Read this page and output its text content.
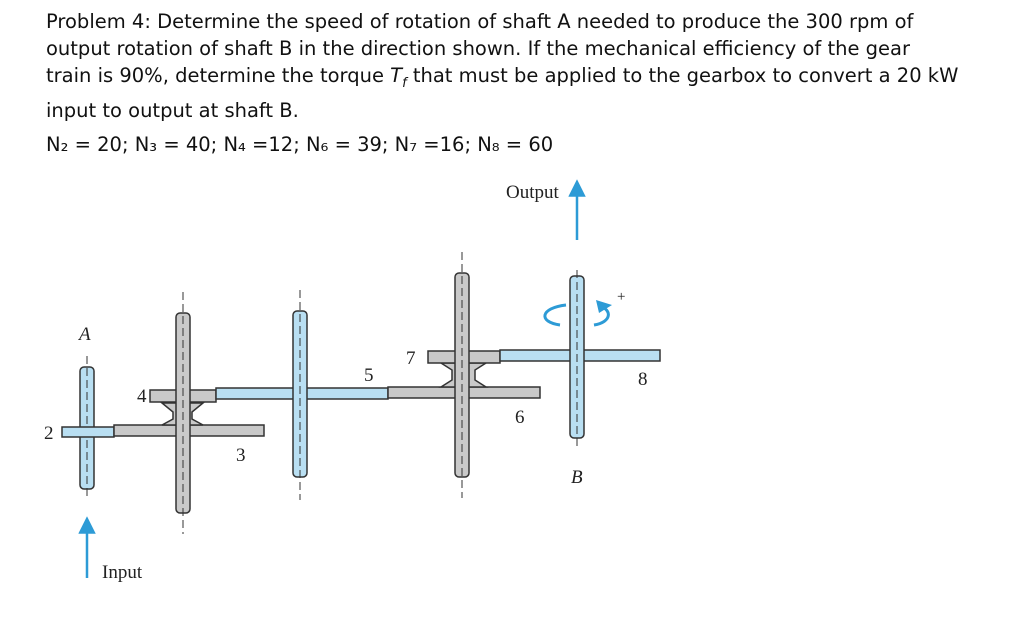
Problem 4: Determine the speed of rotation of shaft A needed to produce the 300 rpm of
output rotation of shaft B in the direction shown. If the mechanical efficiency of the gear
train is 90%, determine the torque $T_f$ that must be applied to the gearbox to convert a 20 kW
input to output at shaft B.
N₂ = 20; N₃ = 40; N₄ =12; N₆ = 39; N₇ =16; N₈ = 60
Output
Input
A
B
+
2
3
4
5
6
7
8
